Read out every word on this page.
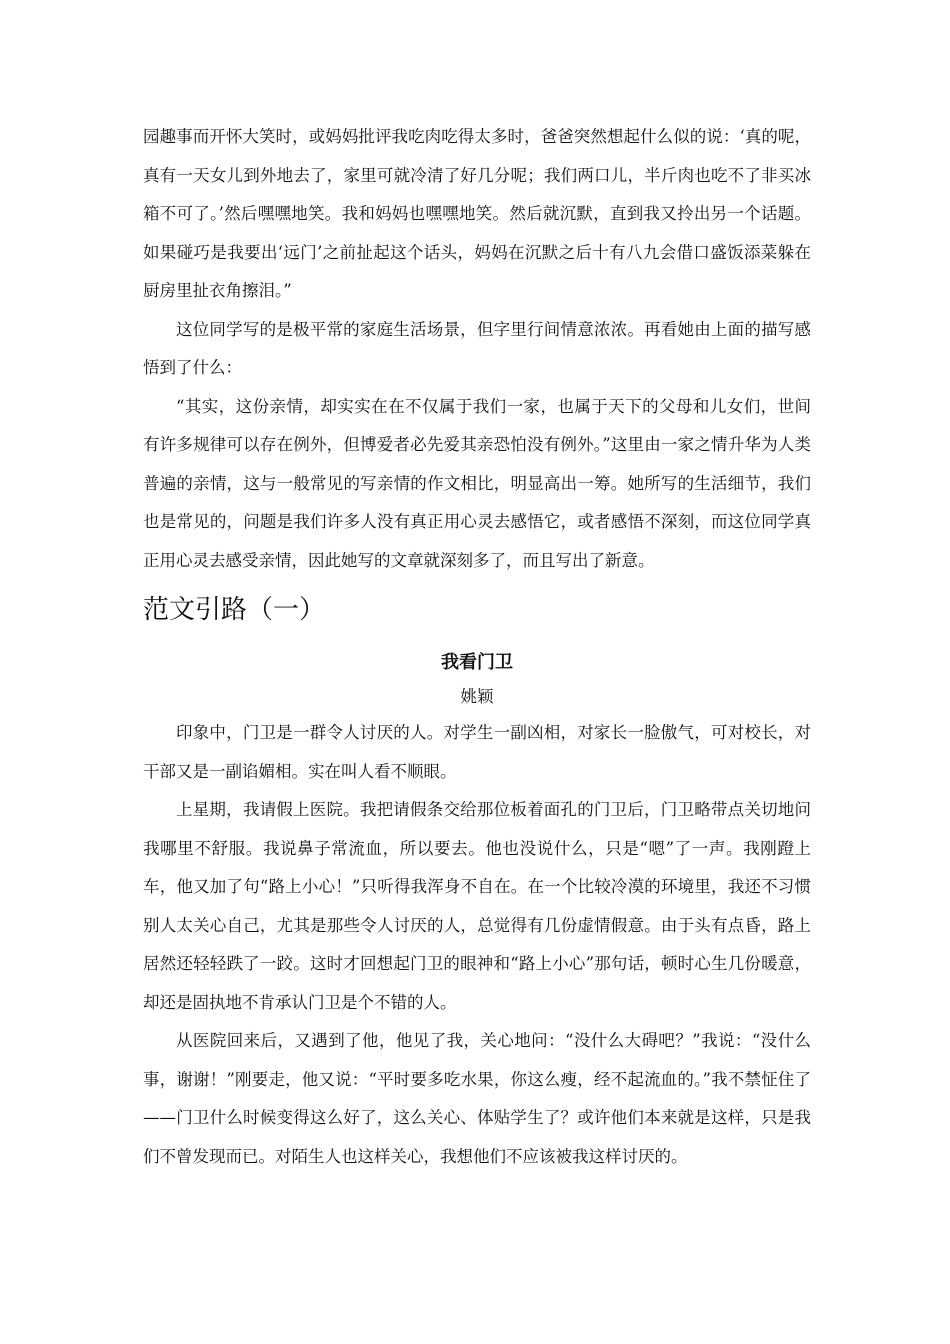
园趣事而开怀大笑时，或妈妈批评我吃肉吃得太多时，爸爸突然想起什么似的说：‘真的呢，真有一天女儿到外地去了，家里可就冷清了好几分呢；我们两口儿，半斤肉也吃不了非买冰箱不可了。’然后嘿嘿地笑。我和妈妈也嘿嘿地笑。然后就沉默，直到我又拎出另一个话题。如果碰巧是我要出‘远门’之前扯起这个话头，妈妈在沉默之后十有八九会借口盛饭添菜躲在厨房里扯衣角擦泪。”

这位同学写的是极平常的家庭生活场景，但字里行间情意浓浓。再看她由上面的描写感悟到了什么：

“其实，这份亲情，却实实在在不仅属于我们一家，也属于天下的父母和儿女们，世间有许多规律可以存在例外，但博爱者必先爱其亲恐怕没有例外。”这里由一家之情升华为人类普遍的亲情，这与一般常见的写亲情的作文相比，明显高出一筹。她所写的生活细节，我们也是常见的，问题是我们许多人没有真正用心灵去感悟它，或者感悟不深刻，而这位同学真正用心灵去感受亲情，因此她写的文章就深刻多了，而且写出了新意。

范文引路（一）
我看门卫
姚颖

印象中，门卫是一群令人讨厌的人。对学生一副凶相，对家长一脸傲气，可对校长，对干部又是一副谄媚相。实在叫人看不顺眼。

上星期，我请假上医院。我把请假条交给那位板着面孔的门卫后，门卫略带点关切地问我哪里不舒服。我说鼻子常流血，所以要去。他也没说什么，只是“嗯”了一声。我刚蹬上车，他又加了句“路上小心！”只听得我浑身不自在。在一个比较冷漠的环境里，我还不习惯别人太关心自己，尤其是那些令人讨厌的人，总觉得有几份虚情假意。由于头有点昏，路上居然还轻轻跌了一跤。这时才回想起门卫的眼神和“路上小心”那句话，顿时心生几份暖意，却还是固执地不肯承认门卫是个不错的人。

从医院回来后，又遇到了他，他见了我，关心地问：“没什么大碍吧？”我说：“没什么事，谢谢！”刚要走，他又说：“平时要多吃水果，你这么瘦，经不起流血的。”我不禁怔住了——门卫什么时候变得这么好了，这么关心、体贴学生了？或许他们本来就是这样，只是我们不曾发现而已。对陌生人也这样关心，我想他们不应该被我这样讨厌的。
